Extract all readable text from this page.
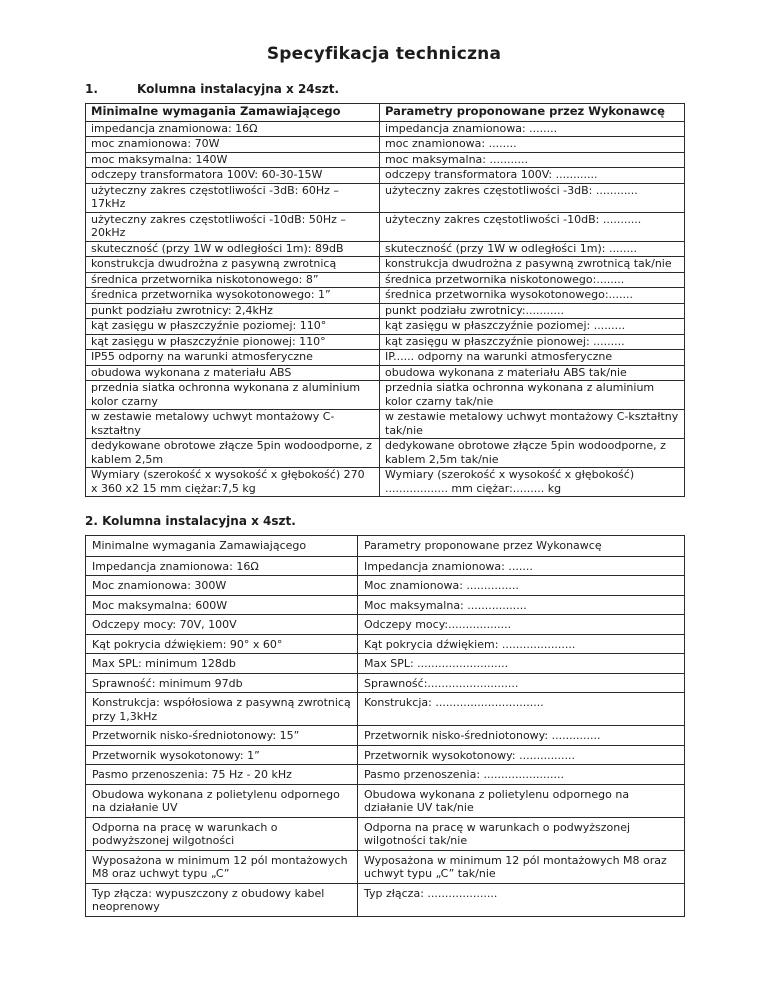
Specyfikacja techniczna
1.	Kolumna instalacyjna x 24szt.
Minimalne wymagania Zamawiającego	Parametry proponowane przez Wykonawcę
impedancja znamionowa: 16Ω	impedancja znamionowa: ........
moc znamionowa: 70W	moc znamionowa: ........
moc maksymalna: 140W	moc maksymalna: ...........
odczepy transformatora 100V: 60-30-15W	odczepy transformatora 100V: ............
użyteczny zakres częstotliwości -3dB: 60Hz – 17kHz	użyteczny zakres częstotliwości -3dB: ............
użyteczny zakres częstotliwości -10dB: 50Hz – 20kHz	użyteczny zakres częstotliwości -10dB: ...........
skuteczność (przy 1W w odległości 1m): 89dB	skuteczność (przy 1W w odległości 1m): ........
konstrukcja dwudrożna z pasywną zwrotnicą	konstrukcja dwudrożna z pasywną zwrotnicą tak/nie
średnica przetwornika niskotonowego: 8”	średnica przetwornika niskotonowego:........
średnica przetwornika wysokotonowego: 1”	średnica przetwornika wysokotonowego:.......
punkt podziału zwrotnicy: 2,4kHz	punkt podziału zwrotnicy:...........
kąt zasięgu w płaszczyźnie poziomej: 110°	kąt zasięgu w płaszczyźnie poziomej: .........
kąt zasięgu w płaszczyźnie pionowej: 110°	kąt zasięgu w płaszczyźnie pionowej: .........
IP55 odporny na warunki atmosferyczne	IP...... odporny na warunki atmosferyczne
obudowa wykonana z materiału ABS	obudowa wykonana z materiału ABS tak/nie
przednia siatka ochronna wykonana z aluminium kolor czarny	przednia siatka ochronna wykonana z aluminium kolor czarny tak/nie
w zestawie metalowy uchwyt montażowy C-kształtny	w zestawie metalowy uchwyt montażowy C-kształtny tak/nie
dedykowane obrotowe złącze 5pin wodoodporne, z kablem 2,5m	dedykowane obrotowe złącze 5pin wodoodporne, z kablem 2,5m tak/nie
Wymiary (szerokość x wysokość x głębokość) 270 x 360 x2 15 mm ciężar:7,5 kg	Wymiary (szerokość x wysokość x głębokość) .................. mm ciężar:......... kg
2. Kolumna instalacyjna x 4szt.
Minimalne wymagania Zamawiającego	Parametry proponowane przez Wykonawcę
Impedancja znamionowa: 16Ω	Impedancja znamionowa: .......
Moc znamionowa: 300W	Moc znamionowa: ...............
Moc maksymalna: 600W	Moc maksymalna: .................
Odczepy mocy: 70V, 100V	Odczepy mocy:..................
Kąt pokrycia dźwiękiem: 90° x 60°	Kąt pokrycia dźwiękiem: .....................
Max SPL: minimum 128db	Max SPL: ..........................
Sprawność: minimum 97db	Sprawność:..........................
Konstrukcja: współosiowa z pasywną zwrotnicą przy 1,3kHz	Konstrukcja: ...............................
Przetwornik nisko-średniotonowy: 15”	Przetwornik nisko-średniotonowy: ..............
Przetwornik wysokotonowy: 1”	Przetwornik wysokotonowy: ................
Pasmo przenoszenia: 75 Hz - 20 kHz	Pasmo przenoszenia: .......................
Obudowa wykonana z polietylenu odpornego na działanie UV	Obudowa wykonana z polietylenu odpornego na działanie UV tak/nie
Odporna na pracę w warunkach o podwyższonej wilgotności	Odporna na pracę w warunkach o podwyższonej wilgotności tak/nie
Wyposażona w minimum 12 pól montażowych M8 oraz uchwyt typu „C”	Wyposażona w minimum 12 pól montażowych M8 oraz uchwyt typu „C” tak/nie
Typ złącza: wypuszczony z obudowy kabel neoprenowy	Typ złącza: ....................
